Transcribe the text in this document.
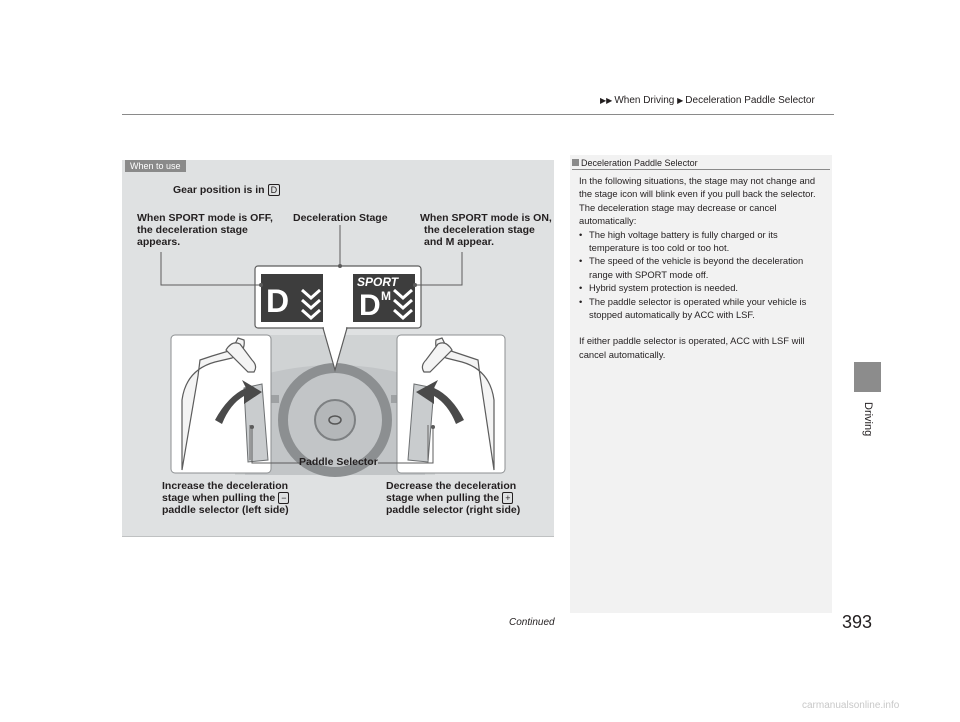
▶▶ When Driving ▶ Deceleration Paddle Selector
Driving
When to use
D
SPORT
D M
Gear position is in D
When SPORT mode is OFF,
the deceleration stage
appears.
Deceleration Stage	When SPORT mode is ON,
the deceleration stage
and M appear.
Paddle Selector
Increase the deceleration
stage when pulling the −
paddle selector (left side)
Decrease the deceleration
stage when pulling the +
paddle selector (right side)
Deceleration Paddle Selector

In the following situations, the stage may not change and the stage icon will blink even if you pull back the selector. The deceleration stage may decrease or cancel automatically:

• The high voltage battery is fully charged or its temperature is too cold or too hot.
• The speed of the vehicle is beyond the deceleration range with SPORT mode off.
• Hybrid system protection is needed.
• The paddle selector is operated while your vehicle is stopped automatically by ACC with LSF.

If either paddle selector is operated, ACC with LSF will cancel automatically.

Continued	393
carmanualsonline.info
